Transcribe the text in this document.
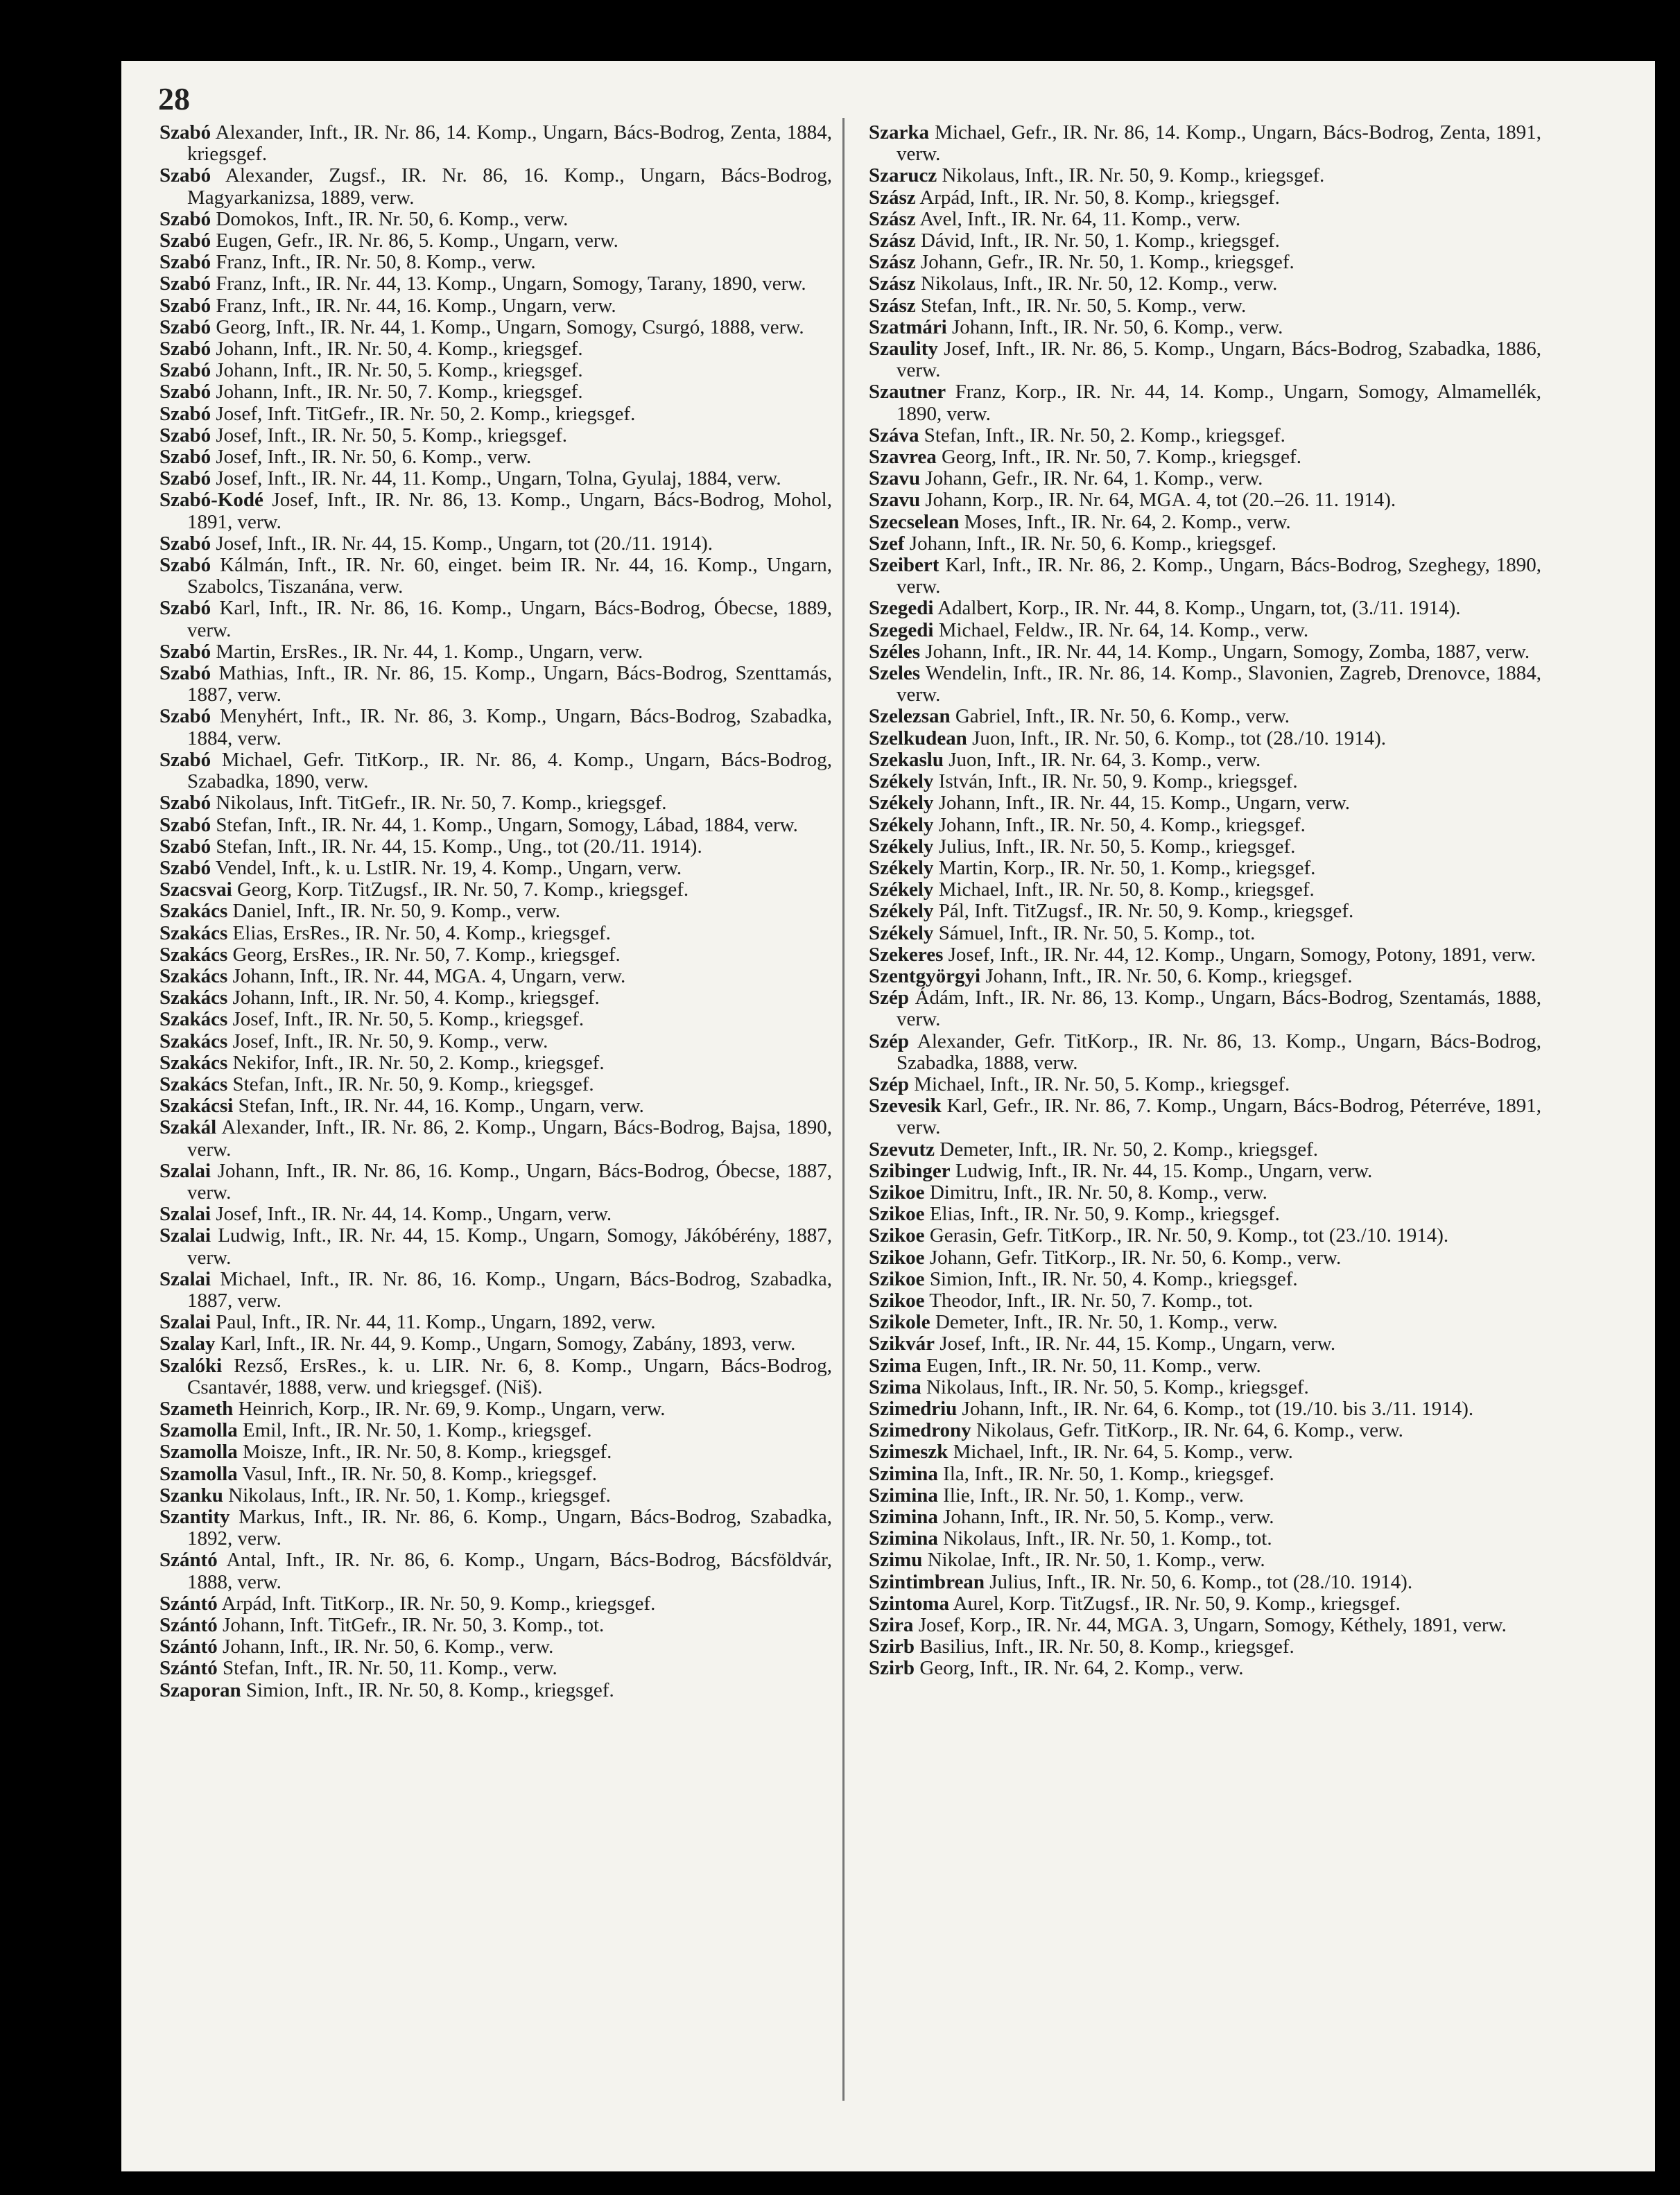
28

Szabó Alexander, Inft., IR. Nr. 86, 14. Komp., Ungarn, Bács-Bodrog, Zenta, 1884, kriegsgef.

Szabó Alexander, Zugsf., IR. Nr. 86, 16. Komp., Ungarn, Bács-Bodrog, Magyarkanizsa, 1889, verw.

Szabó Domokos, Inft., IR. Nr. 50, 6. Komp., verw.

Szabó Eugen, Gefr., IR. Nr. 86, 5. Komp., Ungarn, verw.

Szabó Franz, Inft., IR. Nr. 50, 8. Komp., verw.

Szabó Franz, Inft., IR. Nr. 44, 13. Komp., Ungarn, Somogy, Tarany, 1890, verw.

Szabó Franz, Inft., IR. Nr. 44, 16. Komp., Ungarn, verw.

Szabó Georg, Inft., IR. Nr. 44, 1. Komp., Ungarn, Somogy, Csurgó, 1888, verw.

Szabó Johann, Inft., IR. Nr. 50, 4. Komp., kriegsgef.

Szabó Johann, Inft., IR. Nr. 50, 5. Komp., kriegsgef.

Szabó Johann, Inft., IR. Nr. 50, 7. Komp., kriegsgef.

Szabó Josef, Inft. TitGefr., IR. Nr. 50, 2. Komp., kriegsgef.

Szabó Josef, Inft., IR. Nr. 50, 5. Komp., kriegsgef.

Szabó Josef, Inft., IR. Nr. 50, 6. Komp., verw.

Szabó Josef, Inft., IR. Nr. 44, 11. Komp., Ungarn, Tolna, Gyulaj, 1884, verw.

Szabó-Kodé Josef, Inft., IR. Nr. 86, 13. Komp., Ungarn, Bács-Bodrog, Mohol, 1891, verw.

Szabó Josef, Inft., IR. Nr. 44, 15. Komp., Ungarn, tot (20./11. 1914).

Szabó Kálmán, Inft., IR. Nr. 60, einget. beim IR. Nr. 44, 16. Komp., Ungarn, Szabolcs, Tiszanána, verw.

Szabó Karl, Inft., IR. Nr. 86, 16. Komp., Ungarn, Bács-Bodrog, Óbecse, 1889, verw.

Szabó Martin, ErsRes., IR. Nr. 44, 1. Komp., Ungarn, verw.

Szabó Mathias, Inft., IR. Nr. 86, 15. Komp., Ungarn, Bács-Bodrog, Szenttamás, 1887, verw.

Szabó Menyhért, Inft., IR. Nr. 86, 3. Komp., Ungarn, Bács-Bodrog, Szabadka, 1884, verw.

Szabó Michael, Gefr. TitKorp., IR. Nr. 86, 4. Komp., Ungarn, Bács-Bodrog, Szabadka, 1890, verw.

Szabó Nikolaus, Inft. TitGefr., IR. Nr. 50, 7. Komp., kriegsgef.

Szabó Stefan, Inft., IR. Nr. 44, 1. Komp., Ungarn, Somogy, Lábad, 1884, verw.

Szabó Stefan, Inft., IR. Nr. 44, 15. Komp., Ung., tot (20./11. 1914).

Szabó Vendel, Inft., k. u. LstIR. Nr. 19, 4. Komp., Ungarn, verw.

Szacsvai Georg, Korp. TitZugsf., IR. Nr. 50, 7. Komp., kriegsgef.

Szakács Daniel, Inft., IR. Nr. 50, 9. Komp., verw.

Szakács Elias, ErsRes., IR. Nr. 50, 4. Komp., kriegsgef.

Szakács Georg, ErsRes., IR. Nr. 50, 7. Komp., kriegsgef.

Szakács Johann, Inft., IR. Nr. 44, MGA. 4, Ungarn, verw.

Szakács Johann, Inft., IR. Nr. 50, 4. Komp., kriegsgef.

Szakács Josef, Inft., IR. Nr. 50, 5. Komp., kriegsgef.

Szakács Josef, Inft., IR. Nr. 50, 9. Komp., verw.

Szakács Nekifor, Inft., IR. Nr. 50, 2. Komp., kriegsgef.

Szakács Stefan, Inft., IR. Nr. 50, 9. Komp., kriegsgef.

Szakácsi Stefan, Inft., IR. Nr. 44, 16. Komp., Ungarn, verw.

Szakál Alexander, Inft., IR. Nr. 86, 2. Komp., Ungarn, Bács-Bodrog, Bajsa, 1890, verw.

Szalai Johann, Inft., IR. Nr. 86, 16. Komp., Ungarn, Bács-Bodrog, Óbecse, 1887, verw.

Szalai Josef, Inft., IR. Nr. 44, 14. Komp., Ungarn, verw.

Szalai Ludwig, Inft., IR. Nr. 44, 15. Komp., Ungarn, Somogy, Jákóbérény, 1887, verw.

Szalai Michael, Inft., IR. Nr. 86, 16. Komp., Ungarn, Bács-Bodrog, Szabadka, 1887, verw.

Szalai Paul, Inft., IR. Nr. 44, 11. Komp., Ungarn, 1892, verw.

Szalay Karl, Inft., IR. Nr. 44, 9. Komp., Ungarn, Somogy, Zabány, 1893, verw.

Szalóki Rezső, ErsRes., k. u. LIR. Nr. 6, 8. Komp., Ungarn, Bács-Bodrog, Csantavér, 1888, verw. und kriegsgef. (Niš).

Szameth Heinrich, Korp., IR. Nr. 69, 9. Komp., Ungarn, verw.

Szamolla Emil, Inft., IR. Nr. 50, 1. Komp., kriegsgef.

Szamolla Moisze, Inft., IR. Nr. 50, 8. Komp., kriegsgef.

Szamolla Vasul, Inft., IR. Nr. 50, 8. Komp., kriegsgef.

Szanku Nikolaus, Inft., IR. Nr. 50, 1. Komp., kriegsgef.

Szantity Markus, Inft., IR. Nr. 86, 6. Komp., Ungarn, Bács-Bodrog, Szabadka, 1892, verw.

Szántó Antal, Inft., IR. Nr. 86, 6. Komp., Ungarn, Bács-Bodrog, Bácsföldvár, 1888, verw.

Szántó Arpád, Inft. TitKorp., IR. Nr. 50, 9. Komp., kriegsgef.

Szántó Johann, Inft. TitGefr., IR. Nr. 50, 3. Komp., tot.

Szántó Johann, Inft., IR. Nr. 50, 6. Komp., verw.

Szántó Stefan, Inft., IR. Nr. 50, 11. Komp., verw.

Szaporan Simion, Inft., IR. Nr. 50, 8. Komp., kriegsgef.

Szarka Michael, Gefr., IR. Nr. 86, 14. Komp., Ungarn, Bács-Bodrog, Zenta, 1891, verw.

Szarucz Nikolaus, Inft., IR. Nr. 50, 9. Komp., kriegsgef.

Szász Arpád, Inft., IR. Nr. 50, 8. Komp., kriegsgef.

Szász Avel, Inft., IR. Nr. 64, 11. Komp., verw.

Szász Dávid, Inft., IR. Nr. 50, 1. Komp., kriegsgef.

Szász Johann, Gefr., IR. Nr. 50, 1. Komp., kriegsgef.

Szász Nikolaus, Inft., IR. Nr. 50, 12. Komp., verw.

Szász Stefan, Inft., IR. Nr. 50, 5. Komp., verw.

Szatmári Johann, Inft., IR. Nr. 50, 6. Komp., verw.

Szaulity Josef, Inft., IR. Nr. 86, 5. Komp., Ungarn, Bács-Bodrog, Szabadka, 1886, verw.

Szautner Franz, Korp., IR. Nr. 44, 14. Komp., Ungarn, Somogy, Almamellék, 1890, verw.

Száva Stefan, Inft., IR. Nr. 50, 2. Komp., kriegsgef.

Szavrea Georg, Inft., IR. Nr. 50, 7. Komp., kriegsgef.

Szavu Johann, Gefr., IR. Nr. 64, 1. Komp., verw.

Szavu Johann, Korp., IR. Nr. 64, MGA. 4, tot (20.–26. 11. 1914).

Szecselean Moses, Inft., IR. Nr. 64, 2. Komp., verw.

Szef Johann, Inft., IR. Nr. 50, 6. Komp., kriegsgef.

Szeibert Karl, Inft., IR. Nr. 86, 2. Komp., Ungarn, Bács-Bodrog, Szeghegy, 1890, verw.

Szegedi Adalbert, Korp., IR. Nr. 44, 8. Komp., Ungarn, tot, (3./11. 1914).

Szegedi Michael, Feldw., IR. Nr. 64, 14. Komp., verw.

Széles Johann, Inft., IR. Nr. 44, 14. Komp., Ungarn, Somogy, Zomba, 1887, verw.

Szeles Wendelin, Inft., IR. Nr. 86, 14. Komp., Slavonien, Zagreb, Drenovce, 1884, verw.

Szelezsan Gabriel, Inft., IR. Nr. 50, 6. Komp., verw.

Szelkudean Juon, Inft., IR. Nr. 50, 6. Komp., tot (28./10. 1914).

Szekaslu Juon, Inft., IR. Nr. 64, 3. Komp., verw.

Székely István, Inft., IR. Nr. 50, 9. Komp., kriegsgef.

Székely Johann, Inft., IR. Nr. 44, 15. Komp., Ungarn, verw.

Székely Johann, Inft., IR. Nr. 50, 4. Komp., kriegsgef.

Székely Julius, Inft., IR. Nr. 50, 5. Komp., kriegsgef.

Székely Martin, Korp., IR. Nr. 50, 1. Komp., kriegsgef.

Székely Michael, Inft., IR. Nr. 50, 8. Komp., kriegsgef.

Székely Pál, Inft. TitZugsf., IR. Nr. 50, 9. Komp., kriegsgef.

Székely Sámuel, Inft., IR. Nr. 50, 5. Komp., tot.

Szekeres Josef, Inft., IR. Nr. 44, 12. Komp., Ungarn, Somogy, Potony, 1891, verw.

Szentgyörgyi Johann, Inft., IR. Nr. 50, 6. Komp., kriegsgef.

Szép Ádám, Inft., IR. Nr. 86, 13. Komp., Ungarn, Bács-Bodrog, Szentamás, 1888, verw.

Szép Alexander, Gefr. TitKorp., IR. Nr. 86, 13. Komp., Ungarn, Bács-Bodrog, Szabadka, 1888, verw.

Szép Michael, Inft., IR. Nr. 50, 5. Komp., kriegsgef.

Szevesik Karl, Gefr., IR. Nr. 86, 7. Komp., Ungarn, Bács-Bodrog, Péterréve, 1891, verw.

Szevutz Demeter, Inft., IR. Nr. 50, 2. Komp., kriegsgef.

Szibinger Ludwig, Inft., IR. Nr. 44, 15. Komp., Ungarn, verw.

Szikoe Dimitru, Inft., IR. Nr. 50, 8. Komp., verw.

Szikoe Elias, Inft., IR. Nr. 50, 9. Komp., kriegsgef.

Szikoe Gerasin, Gefr. TitKorp., IR. Nr. 50, 9. Komp., tot (23./10. 1914).

Szikoe Johann, Gefr. TitKorp., IR. Nr. 50, 6. Komp., verw.

Szikoe Simion, Inft., IR. Nr. 50, 4. Komp., kriegsgef.

Szikoe Theodor, Inft., IR. Nr. 50, 7. Komp., tot.

Szikole Demeter, Inft., IR. Nr. 50, 1. Komp., verw.

Szikvár Josef, Inft., IR. Nr. 44, 15. Komp., Ungarn, verw.

Szima Eugen, Inft., IR. Nr. 50, 11. Komp., verw.

Szima Nikolaus, Inft., IR. Nr. 50, 5. Komp., kriegsgef.

Szimedriu Johann, Inft., IR. Nr. 64, 6. Komp., tot (19./10. bis 3./11. 1914).

Szimedrony Nikolaus, Gefr. TitKorp., IR. Nr. 64, 6. Komp., verw.

Szimeszk Michael, Inft., IR. Nr. 64, 5. Komp., verw.

Szimina Ila, Inft., IR. Nr. 50, 1. Komp., kriegsgef.

Szimina Ilie, Inft., IR. Nr. 50, 1. Komp., verw.

Szimina Johann, Inft., IR. Nr. 50, 5. Komp., verw.

Szimina Nikolaus, Inft., IR. Nr. 50, 1. Komp., tot.

Szimu Nikolae, Inft., IR. Nr. 50, 1. Komp., verw.

Szintimbrean Julius, Inft., IR. Nr. 50, 6. Komp., tot (28./10. 1914).

Szintoma Aurel, Korp. TitZugsf., IR. Nr. 50, 9. Komp., kriegsgef.

Szira Josef, Korp., IR. Nr. 44, MGA. 3, Ungarn, Somogy, Kéthely, 1891, verw.

Szirb Basilius, Inft., IR. Nr. 50, 8. Komp., kriegsgef.

Szirb Georg, Inft., IR. Nr. 64, 2. Komp., verw.
